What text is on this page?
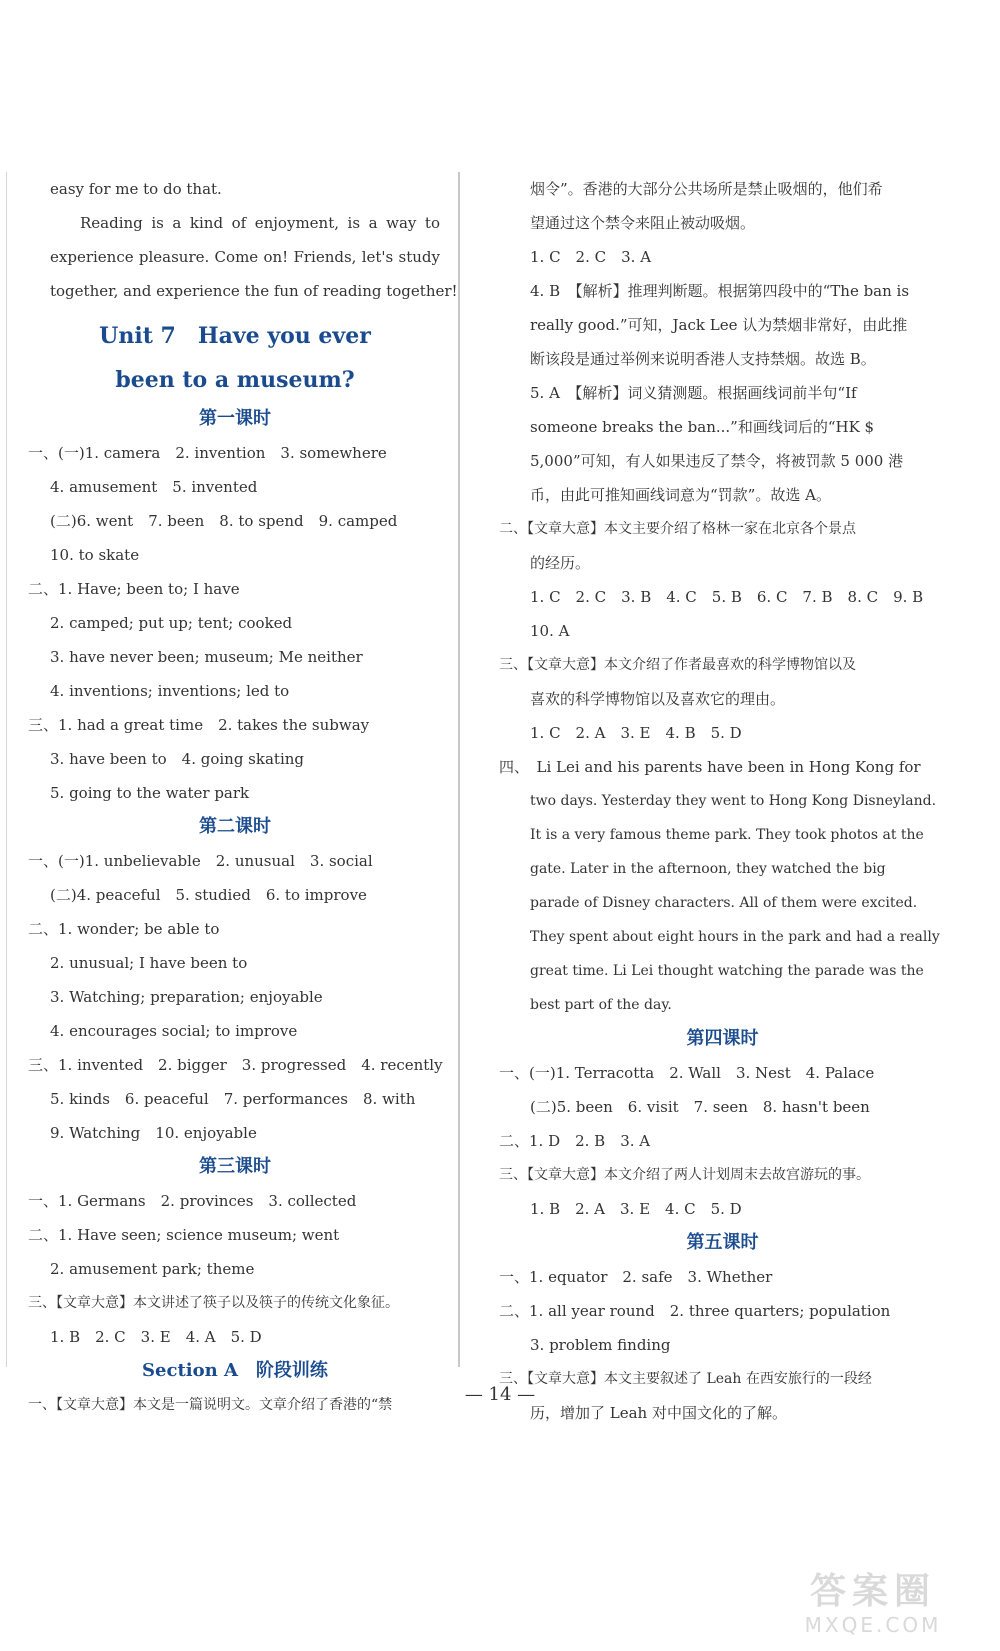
easy for me to do that.
Reading is a kind of enjoyment, is a way to
experience pleasure. Come on! Friends, let's study
together, and experience the fun of reading together!
Unit 7　Have you ever
been to a museum?
第一课时
一、(一)1. camera　2. invention　3. somewhere
4. amusement　5. invented
(二)6. went　7. been　8. to spend　9. camped
10. to skate
二、1. Have; been to; I have
2. camped; put up; tent; cooked
3. have never been; museum; Me neither
4. inventions; inventions; led to
三、1. had a great time　2. takes the subway
3. have been to　4. going skating
5. going to the water park
第二课时
一、(一)1. unbelievable　2. unusual　3. social
(二)4. peaceful　5. studied　6. to improve
二、1. wonder; be able to
2. unusual; I have been to
3. Watching; preparation; enjoyable
4. encourages social; to improve
三、1. invented　2. bigger　3. progressed　4. recently
5. kinds　6. peaceful　7. performances　8. with
9. Watching　10. enjoyable
第三课时
一、1. Germans　2. provinces　3. collected
二、1. Have seen; science museum; went
2. amusement park; theme
三、【文章大意】本文讲述了筷子以及筷子的传统文化象征。
1. B　2. C　3. E　4. A　5. D
Section A　阶段训练
一、【文章大意】本文是一篇说明文。文章介绍了香港的“禁
烟令”。香港的大部分公共场所是禁止吸烟的，他们希
望通过这个禁令来阻止被动吸烟。
1. C　2. C　3. A
4. B　【解析】推理判断题。根据第四段中的“The ban is
really good.”可知，Jack Lee 认为禁烟非常好，由此推
断该段是通过举例来说明香港人支持禁烟。故选 B。
5. A　【解析】词义猜测题。根据画线词前半句“If
someone breaks the ban...”和画线词后的“HK $
5,000”可知，有人如果违反了禁令，将被罚款 5 000 港
币，由此可推知画线词意为“罚款”。故选 A。
二、【文章大意】本文主要介绍了格林一家在北京各个景点
的经历。
1. C　2. C　3. B　4. C　5. B　6. C　7. B　8. C　9. B
10. A
三、【文章大意】本文介绍了作者最喜欢的科学博物馆以及
喜欢的科学博物馆以及喜欢它的理由。
1. C　2. A　3. E　4. B　5. D
四、　Li Lei and his parents have been in Hong Kong for
two days. Yesterday they went to Hong Kong Disneyland.
It is a very famous theme park. They took photos at the
gate. Later in the afternoon, they watched the big
parade of Disney characters. All of them were excited.
They spent about eight hours in the park and had a really
great time. Li Lei thought watching the parade was the
best part of the day.
第四课时
一、(一)1. Terracotta　2. Wall　3. Nest　4. Palace
(二)5. been　6. visit　7. seen　8. hasn't been
二、1. D　2. B　3. A
三、【文章大意】本文介绍了两人计划周末去故宫游玩的事。
1. B　2. A　3. E　4. C　5. D
第五课时
一、1. equator　2. safe　3. Whether
二、1. all year round　2. three quarters; population
3. problem finding
三、【文章大意】本文主要叙述了 Leah 在西安旅行的一段经
历，增加了 Leah 对中国文化的了解。
— 14 —
答案圈
MXQE.COM
